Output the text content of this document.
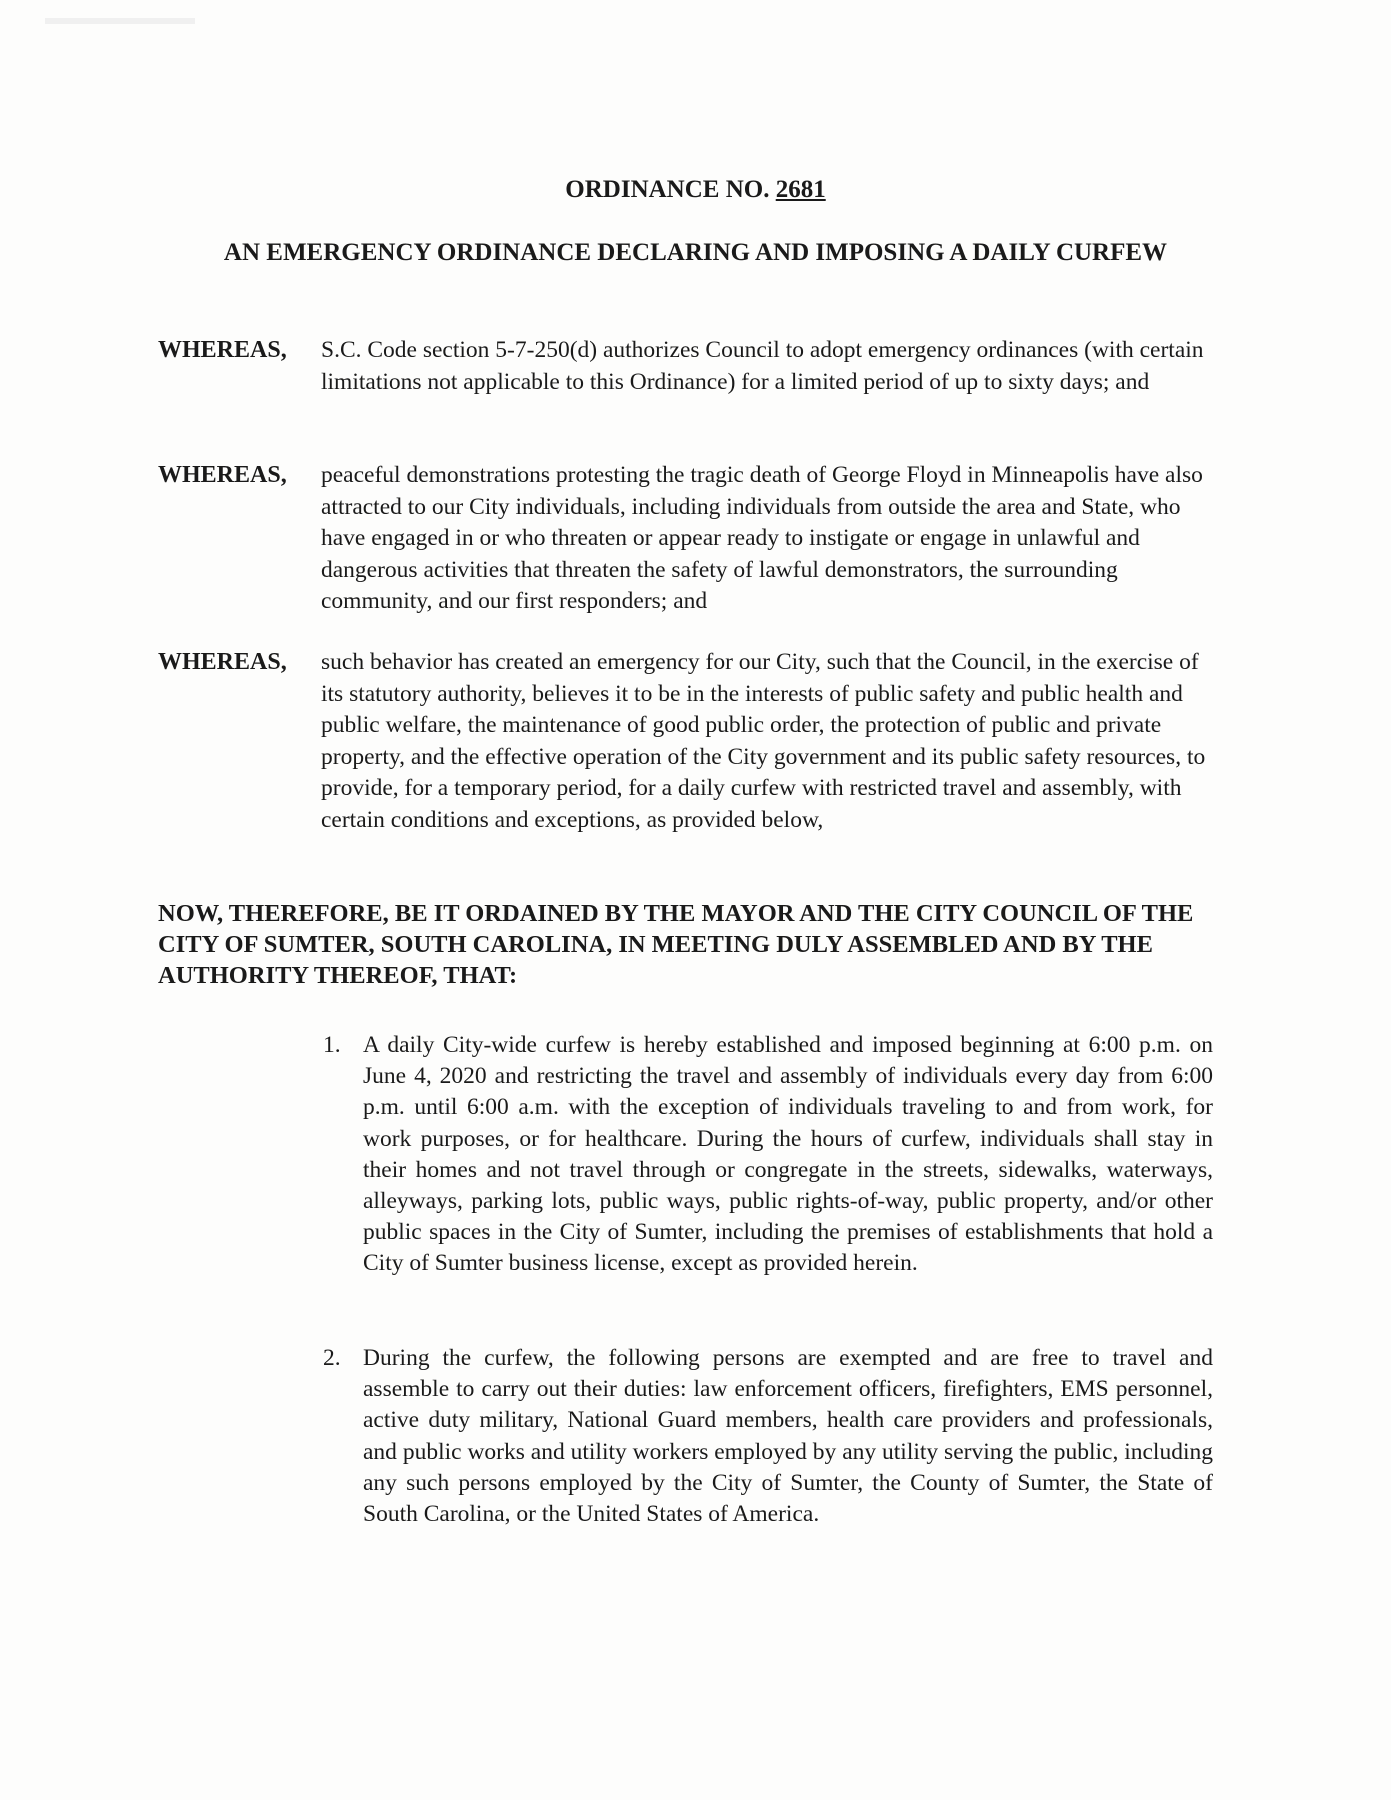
ORDINANCE NO. 2681
AN EMERGENCY ORDINANCE DECLARING AND IMPOSING A DAILY CURFEW
WHEREAS, S.C. Code section 5-7-250(d) authorizes Council to adopt emergency ordinances (with certain limitations not applicable to this Ordinance) for a limited period of up to sixty days; and
WHEREAS, peaceful demonstrations protesting the tragic death of George Floyd in Minneapolis have also attracted to our City individuals, including individuals from outside the area and State, who have engaged in or who threaten or appear ready to instigate or engage in unlawful and dangerous activities that threaten the safety of lawful demonstrators, the surrounding community, and our first responders; and
WHEREAS, such behavior has created an emergency for our City, such that the Council, in the exercise of its statutory authority, believes it to be in the interests of public safety and public health and public welfare, the maintenance of good public order, the protection of public and private property, and the effective operation of the City government and its public safety resources, to provide, for a temporary period, for a daily curfew with restricted travel and assembly, with certain conditions and exceptions, as provided below,
NOW, THEREFORE, BE IT ORDAINED BY THE MAYOR AND THE CITY COUNCIL OF THE CITY OF SUMTER, SOUTH CAROLINA, IN MEETING DULY ASSEMBLED AND BY THE AUTHORITY THEREOF, THAT:
1. A daily City-wide curfew is hereby established and imposed beginning at 6:00 p.m. on June 4, 2020 and restricting the travel and assembly of individuals every day from 6:00 p.m. until 6:00 a.m. with the exception of individuals traveling to and from work, for work purposes, or for healthcare. During the hours of curfew, individuals shall stay in their homes and not travel through or congregate in the streets, sidewalks, waterways, alleyways, parking lots, public ways, public rights-of-way, public property, and/or other public spaces in the City of Sumter, including the premises of establishments that hold a City of Sumter business license, except as provided herein.
2. During the curfew, the following persons are exempted and are free to travel and assemble to carry out their duties: law enforcement officers, firefighters, EMS personnel, active duty military, National Guard members, health care providers and professionals, and public works and utility workers employed by any utility serving the public, including any such persons employed by the City of Sumter, the County of Sumter, the State of South Carolina, or the United States of America.
